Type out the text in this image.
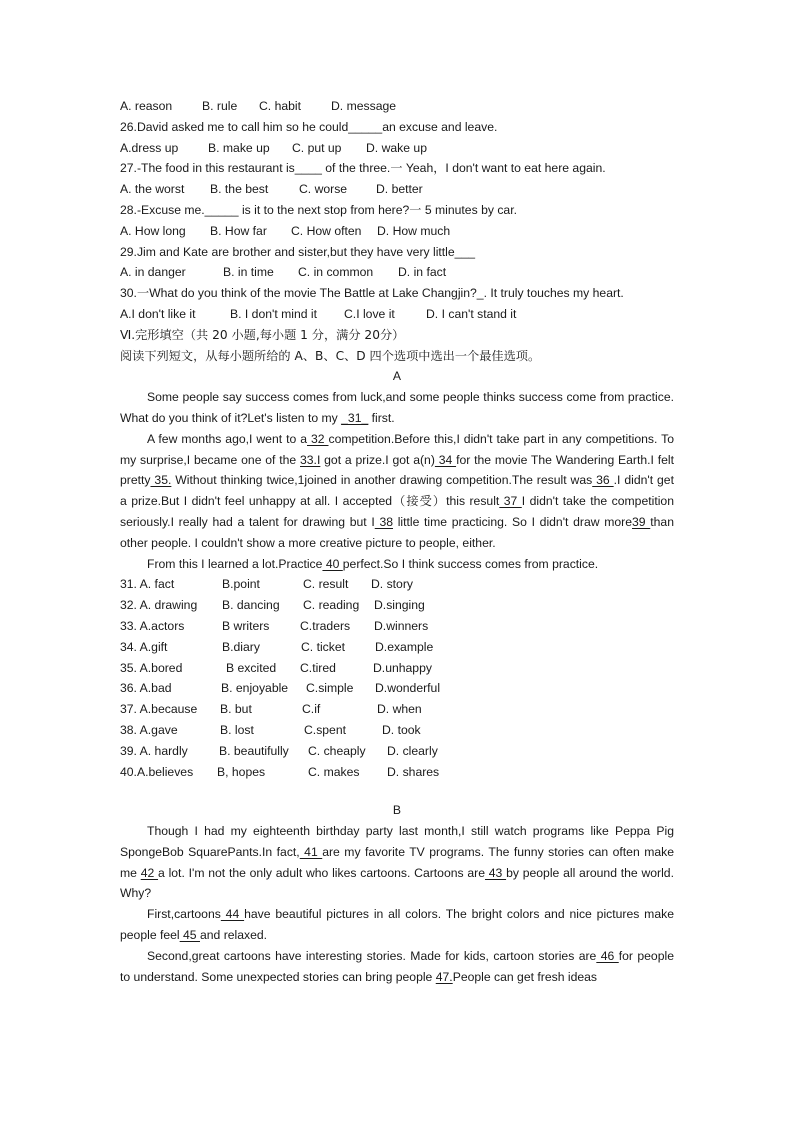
A. reason	B. rule	C. habit	D. message
26.David asked me to call him so he could_____an excuse and leave.
A.dress up	B. make up	C. put up	D. wake up
27.-The food in this restaurant is____ of the three.一 Yeah，I don't want to eat here again.
A. the worst	B. the best	C. worse	D. better
28.-Excuse me._____ is it to the next stop from here?一 5 minutes by car.
A. How long	B. How far	C. How often	D. How much
29.Jim and Kate are brother and sister,but they have very little___
A. in danger	B. in time	C. in common	D. in fact
30.一What do you think of the movie The Battle at Lake Changjin?_. It truly touches my heart.
A.I don't like it	B. I don't mind it	C.I love it	D. I can't stand it
Ⅵ.完形填空（共 20 小题,每小题 1 分，满分 20分）
阅读下列短文，从每小题所给的 A、B、C、D 四个选项中选出一个最佳选项。
A
Some people say success comes from luck,and some people thinks success come from practice. What do you think of it?Let's listen to my _31_ first.
A few months ago,I went to a 32 competition.Before this,I didn't take part in any competitions. To my surprise,I became one of the 33.I got a prize.I got a(n) 34 for the movie The Wandering Earth.I felt pretty 35. Without thinking twice,1joined in another drawing competition.The result was 36 .I didn't get a prize.But I didn't feel unhappy at all. I accepted（接受）this result 37 I didn't take the competition seriously.I really had a talent for drawing but I 38 little time practicing. So I didn't draw more39 than other people. I couldn't show a more creative picture to people, either.
From this I learned a lot.Practice 40 perfect.So I think success comes from practice.
31. A. fact	B.point	C. result	D. story
32. A. drawing	B. dancing	C. reading	D.singing
33. A.actors	B writers	C.traders	D.winners
34. A.gift	B.diary	C. ticket	D.example
35. A.bored	B excited	C.tired	D.unhappy
36. A.bad	B. enjoyable	C.simple	D.wonderful
37. A.because	B. but	C.if	D. when
38. A.gave	B. lost	C.spent	D. took
39. A. hardly	B. beautifully	C. cheaply	D. clearly
40.A.believes	B, hopes	C. makes	D. shares
B
Though I had my eighteenth birthday party last month,I still watch programs like Peppa Pig SpongeBob SquarePants.In fact, 41 are my favorite TV programs. The funny stories can often make me 42 a lot. I'm not the only adult who likes cartoons. Cartoons are 43 by people all around the world. Why?
First,cartoons 44 have beautiful pictures in all colors. The bright colors and nice pictures make people feel 45 and relaxed.
Second,great cartoons have interesting stories. Made for kids, cartoon stories are 46 for people to understand. Some unexpected stories can bring people 47.People can get fresh ideas
